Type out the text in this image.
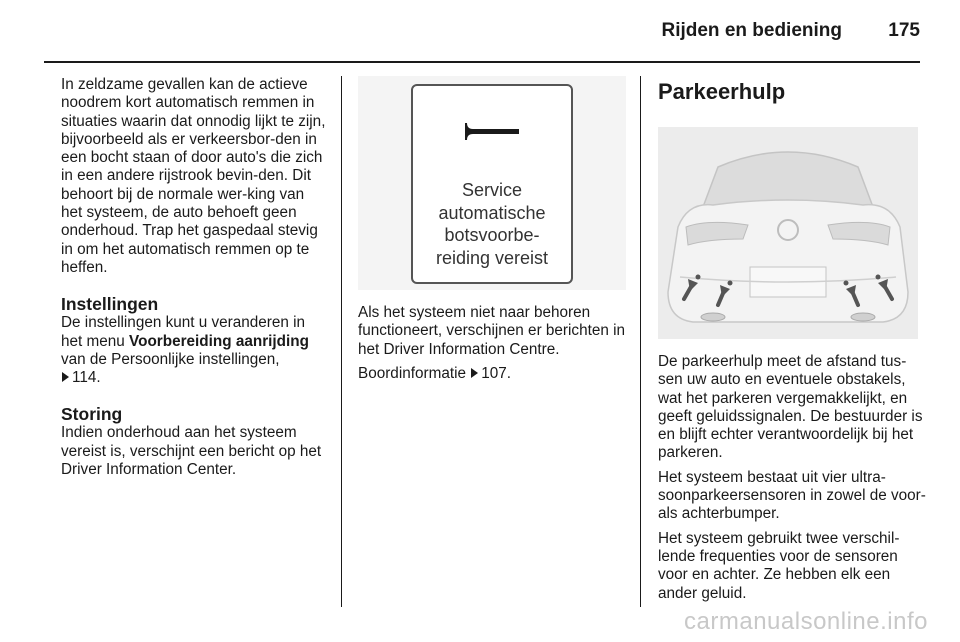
Rijden en bediening 175

In zeldzame gevallen kan de actieve noodrem kort automatisch remmen in situaties waarin dat onnodig lijkt te zijn, bijvoorbeeld als er verkeersbor-den in een bocht staan of door auto's die zich in een andere rijstrook bevin-den. Dit behoort bij de normale wer-king van het systeem, de auto behoeft geen onderhoud. Trap het gaspedaal stevig in om het automatisch remmen op te heffen.

Instellingen

De instellingen kunt u veranderen in het menu Voorbereiding aanrijding van de Persoonlijke instellingen,
114.

Storing

Indien onderhoud aan het systeem vereist is, verschijnt een bericht op het Driver Information Center.

Service
automatische
botsvoorbe-
reiding vereist

Als het systeem niet naar behoren functioneert, verschijnen er berichten in het Driver Information Centre.

Boordinformatie 107.

Parkeerhulp

De parkeerhulp meet de afstand tus-sen uw auto en eventuele obstakels, wat het parkeren vergemakkelijkt, en geeft geluidssignalen. De bestuurder is en blijft echter verantwoordelijk bij het parkeren.

Het systeem bestaat uit vier ultra-soonparkeersensoren in zowel de voor- als achterbumper.

Het systeem gebruikt twee verschil-lende frequenties voor de sensoren voor en achter. Ze hebben elk een ander geluid.

carmanualsonline.info
